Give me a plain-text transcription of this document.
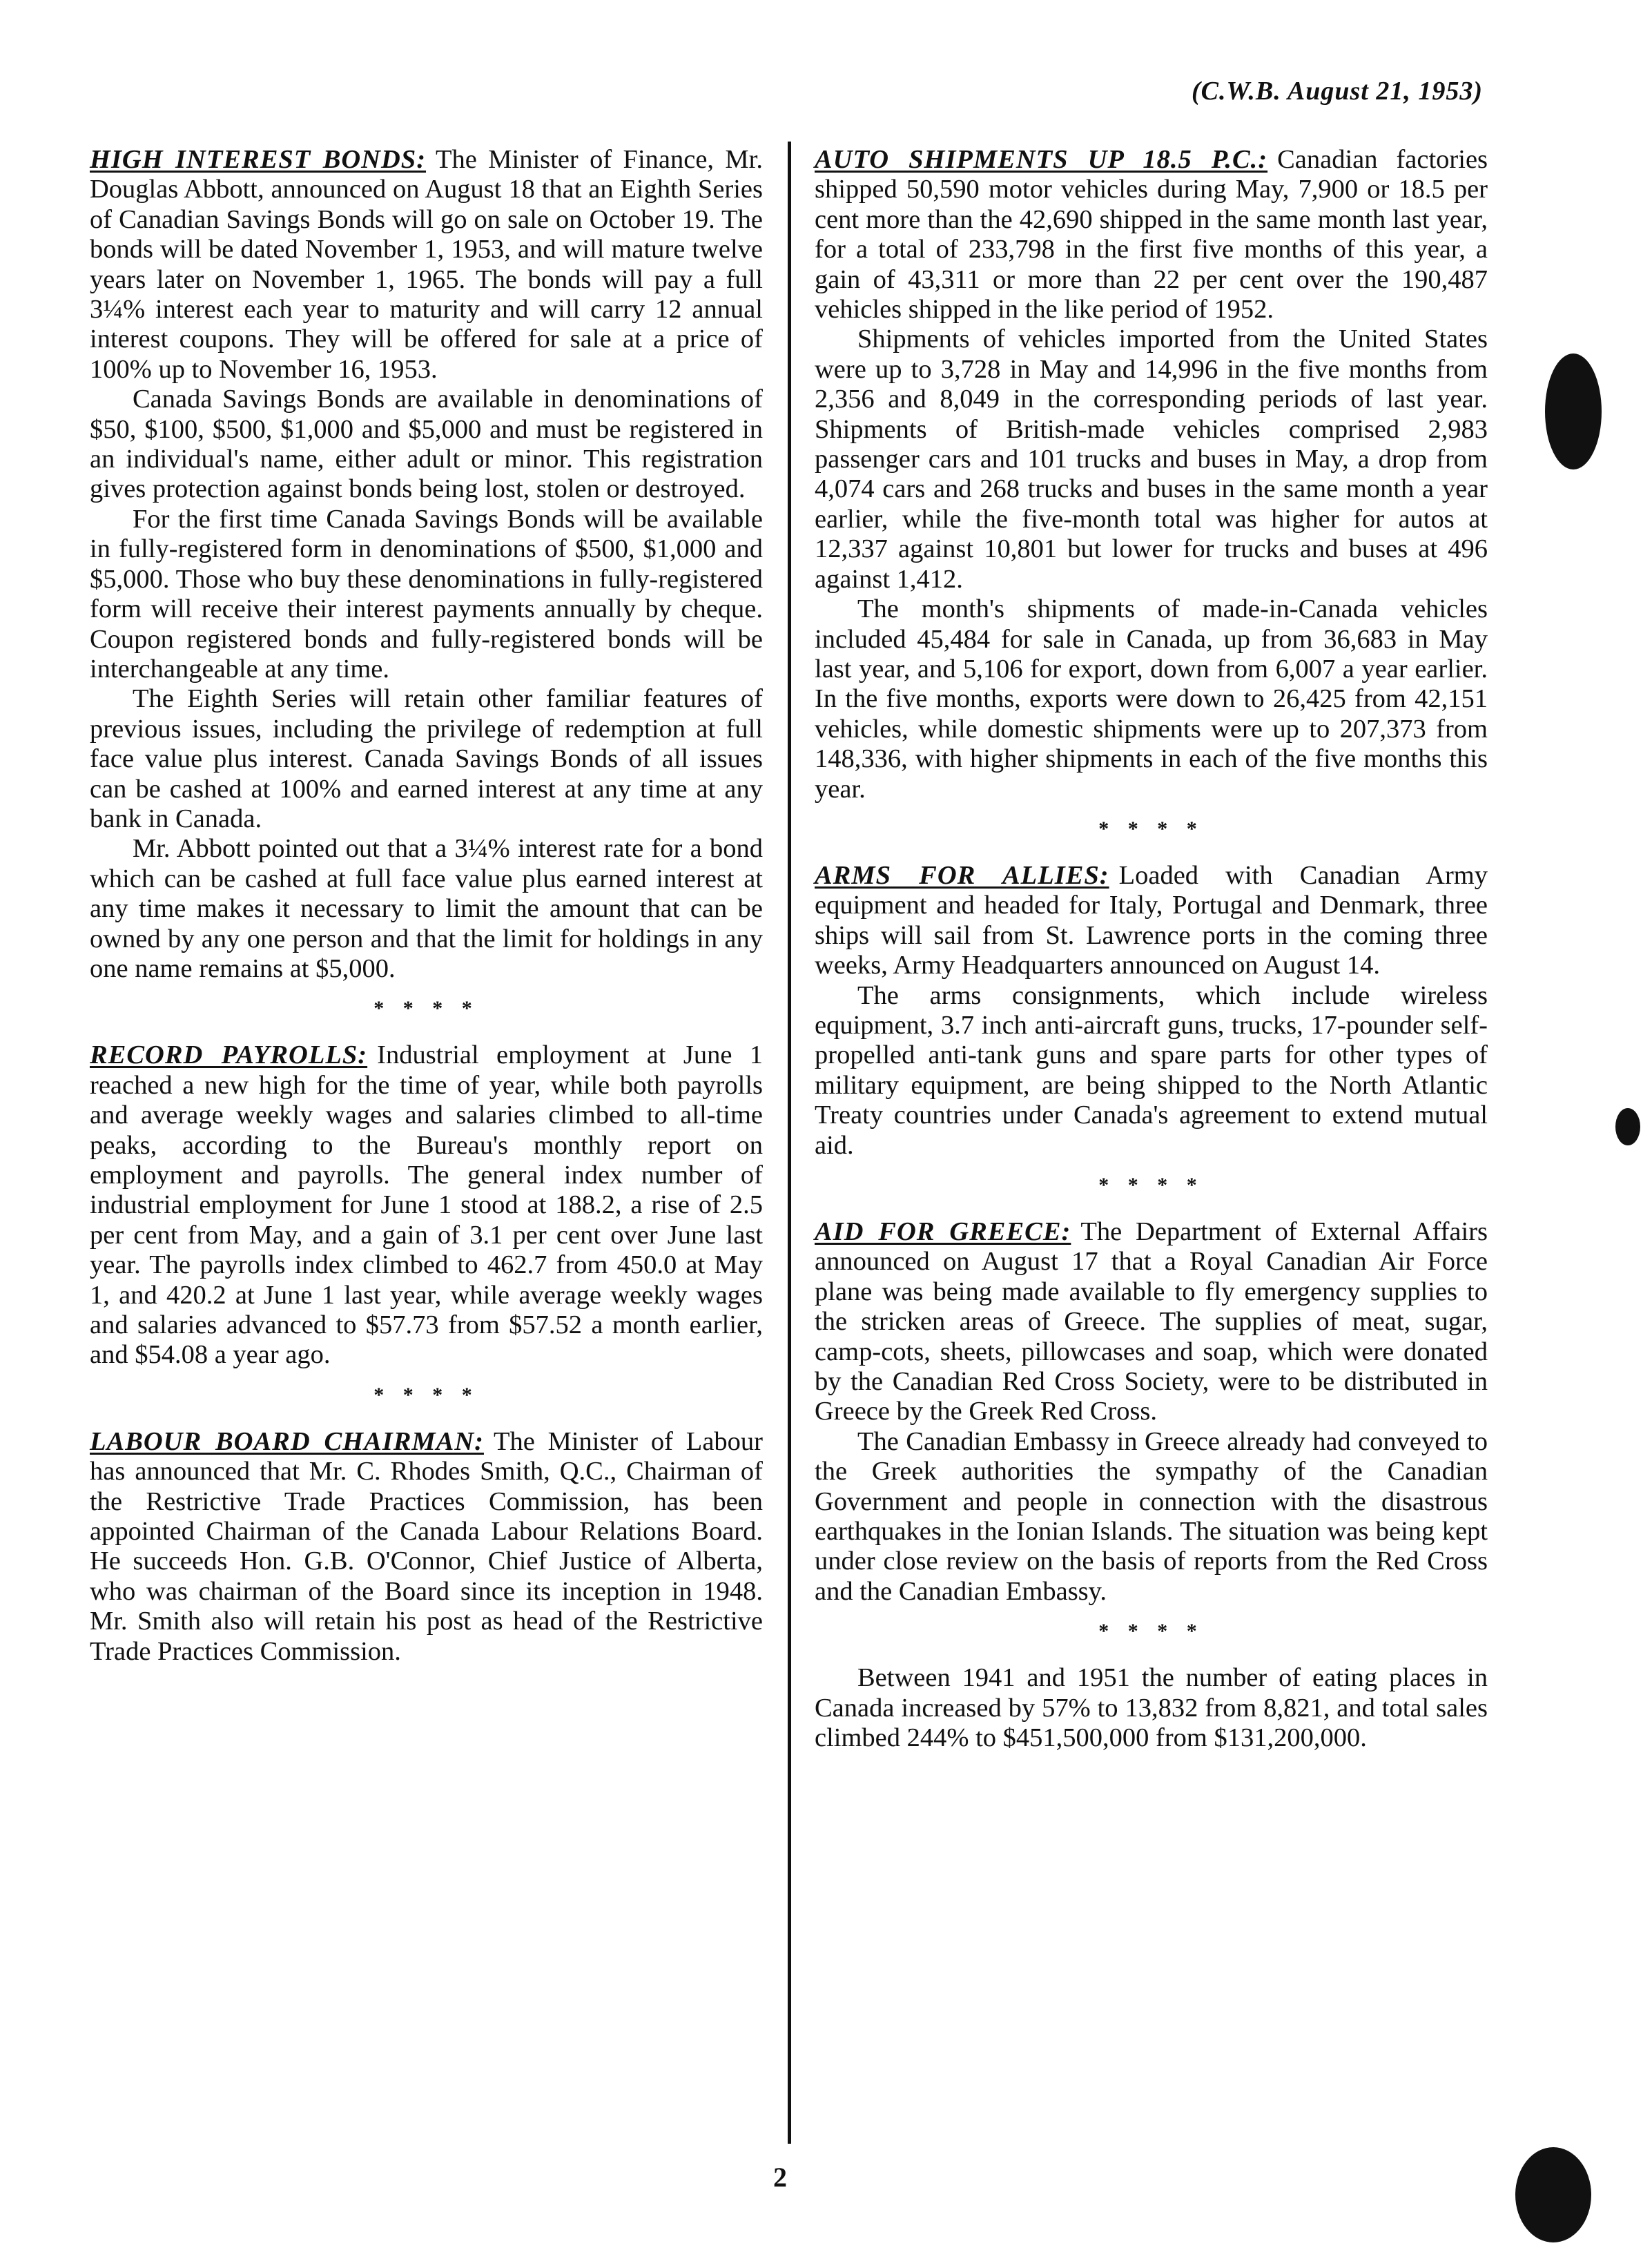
(C.W.B. August 21, 1953)

HIGH INTEREST BONDS: The Minister of Finance, Mr. Douglas Abbott, announced on August 18 that an Eighth Series of Canadian Savings Bonds will go on sale on October 19. The bonds will be dated November 1, 1953, and will mature twelve years later on November 1, 1965. The bonds will pay a full 3¼% interest each year to maturity and will carry 12 annual interest coupons. They will be offered for sale at a price of 100% up to November 16, 1953.

Canada Savings Bonds are available in denominations of $50, $100, $500, $1,000 and $5,000 and must be registered in an individual's name, either adult or minor. This registration gives protection against bonds being lost, stolen or destroyed.

For the first time Canada Savings Bonds will be available in fully-registered form in denominations of $500, $1,000 and $5,000. Those who buy these denominations in fully-registered form will receive their interest payments annually by cheque. Coupon registered bonds and fully-registered bonds will be interchangeable at any time.

The Eighth Series will retain other familiar features of previous issues, including the privilege of redemption at full face value plus interest. Canada Savings Bonds of all issues can be cashed at 100% and earned interest at any time at any bank in Canada.

Mr. Abbott pointed out that a 3¼% interest rate for a bond which can be cashed at full face value plus earned interest at any time makes it necessary to limit the amount that can be owned by any one person and that the limit for holdings in any one name remains at $5,000.

* * * *

RECORD PAYROLLS: Industrial employment at June 1 reached a new high for the time of year, while both payrolls and average weekly wages and salaries climbed to all-time peaks, according to the Bureau's monthly report on employment and payrolls. The general index number of industrial employment for June 1 stood at 188.2, a rise of 2.5 per cent from May, and a gain of 3.1 per cent over June last year. The payrolls index climbed to 462.7 from 450.0 at May 1, and 420.2 at June 1 last year, while average weekly wages and salaries advanced to $57.73 from $57.52 a month earlier, and $54.08 a year ago.

* * * *

LABOUR BOARD CHAIRMAN: The Minister of Labour has announced that Mr. C. Rhodes Smith, Q.C., Chairman of the Restrictive Trade Practices Commission, has been appointed Chairman of the Canada Labour Relations Board. He succeeds Hon. G.B. O'Connor, Chief Justice of Alberta, who was chairman of the Board since its inception in 1948. Mr. Smith also will retain his post as head of the Restrictive Trade Practices Commission.

AUTO SHIPMENTS UP 18.5 P.C.: Canadian factories shipped 50,590 motor vehicles during May, 7,900 or 18.5 per cent more than the 42,690 shipped in the same month last year, for a total of 233,798 in the first five months of this year, a gain of 43,311 or more than 22 per cent over the 190,487 vehicles shipped in the like period of 1952.

Shipments of vehicles imported from the United States were up to 3,728 in May and 14,996 in the five months from 2,356 and 8,049 in the corresponding periods of last year. Shipments of British-made vehicles comprised 2,983 passenger cars and 101 trucks and buses in May, a drop from 4,074 cars and 268 trucks and buses in the same month a year earlier, while the five-month total was higher for autos at 12,337 against 10,801 but lower for trucks and buses at 496 against 1,412.

The month's shipments of made-in-Canada vehicles included 45,484 for sale in Canada, up from 36,683 in May last year, and 5,106 for export, down from 6,007 a year earlier. In the five months, exports were down to 26,425 from 42,151 vehicles, while domestic shipments were up to 207,373 from 148,336, with higher shipments in each of the five months this year.

* * * *

ARMS FOR ALLIES: Loaded with Canadian Army equipment and headed for Italy, Portugal and Denmark, three ships will sail from St. Lawrence ports in the coming three weeks, Army Headquarters announced on August 14.

The arms consignments, which include wireless equipment, 3.7 inch anti-aircraft guns, trucks, 17-pounder self-propelled anti-tank guns and spare parts for other types of military equipment, are being shipped to the North Atlantic Treaty countries under Canada's agreement to extend mutual aid.

* * * *

AID FOR GREECE: The Department of External Affairs announced on August 17 that a Royal Canadian Air Force plane was being made available to fly emergency supplies to the stricken areas of Greece. The supplies of meat, sugar, camp-cots, sheets, pillowcases and soap, which were donated by the Canadian Red Cross Society, were to be distributed in Greece by the Greek Red Cross.

The Canadian Embassy in Greece already had conveyed to the Greek authorities the sympathy of the Canadian Government and people in connection with the disastrous earthquakes in the Ionian Islands. The situation was being kept under close review on the basis of reports from the Red Cross and the Canadian Embassy.

* * * *

Between 1941 and 1951 the number of eating places in Canada increased by 57% to 13,832 from 8,821, and total sales climbed 244% to $451,500,000 from $131,200,000.

2
